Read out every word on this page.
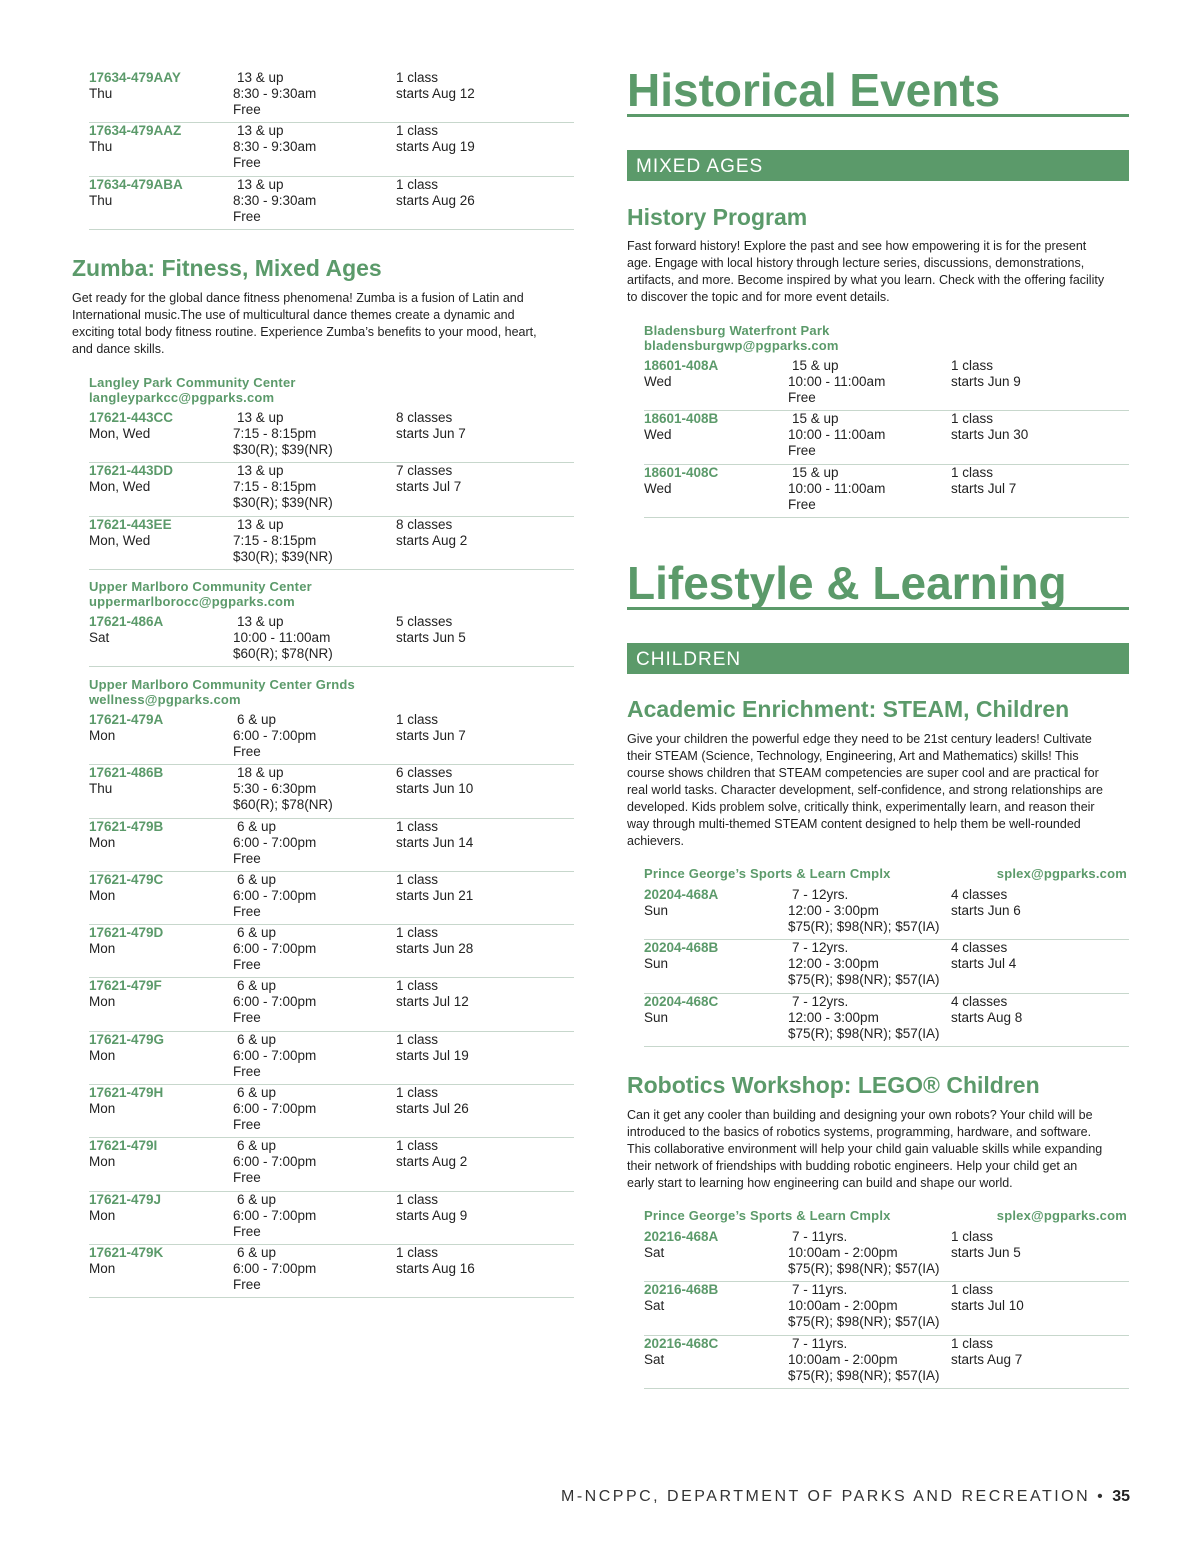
17634-479AAY
Thu
13 & up
8:30 - 9:30am
Free
1 class
starts Aug 12
17634-479AAZ
Thu
13 & up
8:30 - 9:30am
Free
1 class
starts Aug 19
17634-479ABA
Thu
13 & up
8:30 - 9:30am
Free
1 class
starts Aug 26
Zumba: Fitness, Mixed Ages
Get ready for the global dance fitness phenomena! Zumba is a fusion of Latin and
International music.The use of multicultural dance themes create a dynamic and
exciting total body fitness routine. Experience Zumba’s benefits to your mood, heart,
and dance skills.
Langley Park Community Center
langleyparkcc@pgparks.com
17621-443CC
Mon, Wed
13 & up
7:15 - 8:15pm
$30(R); $39(NR)
8 classes
starts Jun 7
17621-443DD
Mon, Wed
13 & up
7:15 - 8:15pm
$30(R); $39(NR)
7 classes
starts Jul 7
17621-443EE
Mon, Wed
13 & up
7:15 - 8:15pm
$30(R); $39(NR)
8 classes
starts Aug 2
Upper Marlboro Community Center
uppermarlborocc@pgparks.com
17621-486A
Sat
13 & up
10:00 - 11:00am
$60(R); $78(NR)
5 classes
starts Jun 5
Upper Marlboro Community Center Grnds
wellness@pgparks.com
17621-479A
Mon
6 & up
6:00 - 7:00pm
Free
1 class
starts Jun 7
17621-486B
Thu
18 & up
5:30 - 6:30pm
$60(R); $78(NR)
6 classes
starts Jun 10
17621-479B
Mon
6 & up
6:00 - 7:00pm
Free
1 class
starts Jun 14
17621-479C
Mon
6 & up
6:00 - 7:00pm
Free
1 class
starts Jun 21
17621-479D
Mon
6 & up
6:00 - 7:00pm
Free
1 class
starts Jun 28
17621-479F
Mon
6 & up
6:00 - 7:00pm
Free
1 class
starts Jul 12
17621-479G
Mon
6 & up
6:00 - 7:00pm
Free
1 class
starts Jul 19
17621-479H
Mon
6 & up
6:00 - 7:00pm
Free
1 class
starts Jul 26
17621-479I
Mon
6 & up
6:00 - 7:00pm
Free
1 class
starts Aug 2
17621-479J
Mon
6 & up
6:00 - 7:00pm
Free
1 class
starts Aug 9
17621-479K
Mon
6 & up
6:00 - 7:00pm
Free
1 class
starts Aug 16
Historical Events
MIXED AGES
History Program
Fast forward history! Explore the past and see how empowering it is for the present
age. Engage with local history through lecture series, discussions, demonstrations,
artifacts, and more. Become inspired by what you learn. Check with the offering facility
to discover the topic and for more event details.
Bladensburg Waterfront Park
bladensburgwp@pgparks.com
18601-408A
Wed
15 & up
10:00 - 11:00am
Free
1 class
starts Jun 9
18601-408B
Wed
15 & up
10:00 - 11:00am
Free
1 class
starts Jun 30
18601-408C
Wed
15 & up
10:00 - 11:00am
Free
1 class
starts Jul 7
Lifestyle & Learning
CHILDREN
Academic Enrichment: STEAM, Children
Give your children the powerful edge they need to be 21st century leaders! Cultivate
their STEAM (Science, Technology, Engineering, Art and Mathematics) skills! This
course shows children that STEAM competencies are super cool and are practical for
real world tasks. Character development, self-confidence, and strong relationships are
developed. Kids problem solve, critically think, experimentally learn, and reason their
way through multi-themed STEAM content designed to help them be well-rounded
achievers.
Prince George’s Sports & Learn Cmplx	splex@pgparks.com
20204-468A
Sun
7 - 12yrs.
12:00 - 3:00pm
$75(R); $98(NR); $57(IA)
4 classes
starts Jun 6
20204-468B
Sun
7 - 12yrs.
12:00 - 3:00pm
$75(R); $98(NR); $57(IA)
4 classes
starts Jul 4
20204-468C
Sun
7 - 12yrs.
12:00 - 3:00pm
$75(R); $98(NR); $57(IA)
4 classes
starts Aug 8
Robotics Workshop: LEGO® Children
Can it get any cooler than building and designing your own robots? Your child will be
introduced to the basics of robotics systems, programming, hardware, and software.
This collaborative environment will help your child gain valuable skills while expanding
their network of friendships with budding robotic engineers. Help your child get an
early start to learning how engineering can build and shape our world.
Prince George’s Sports & Learn Cmplx	splex@pgparks.com
20216-468A
Sat
7 - 11yrs.
10:00am - 2:00pm
$75(R); $98(NR); $57(IA)
1 class
starts Jun 5
20216-468B
Sat
7 - 11yrs.
10:00am - 2:00pm
$75(R); $98(NR); $57(IA)
1 class
starts Jul 10
20216-468C
Sat
7 - 11yrs.
10:00am - 2:00pm
$75(R); $98(NR); $57(IA)
1 class
starts Aug 7
M-NCPPC, DEPARTMENT OF PARKS AND RECREATION • 35
